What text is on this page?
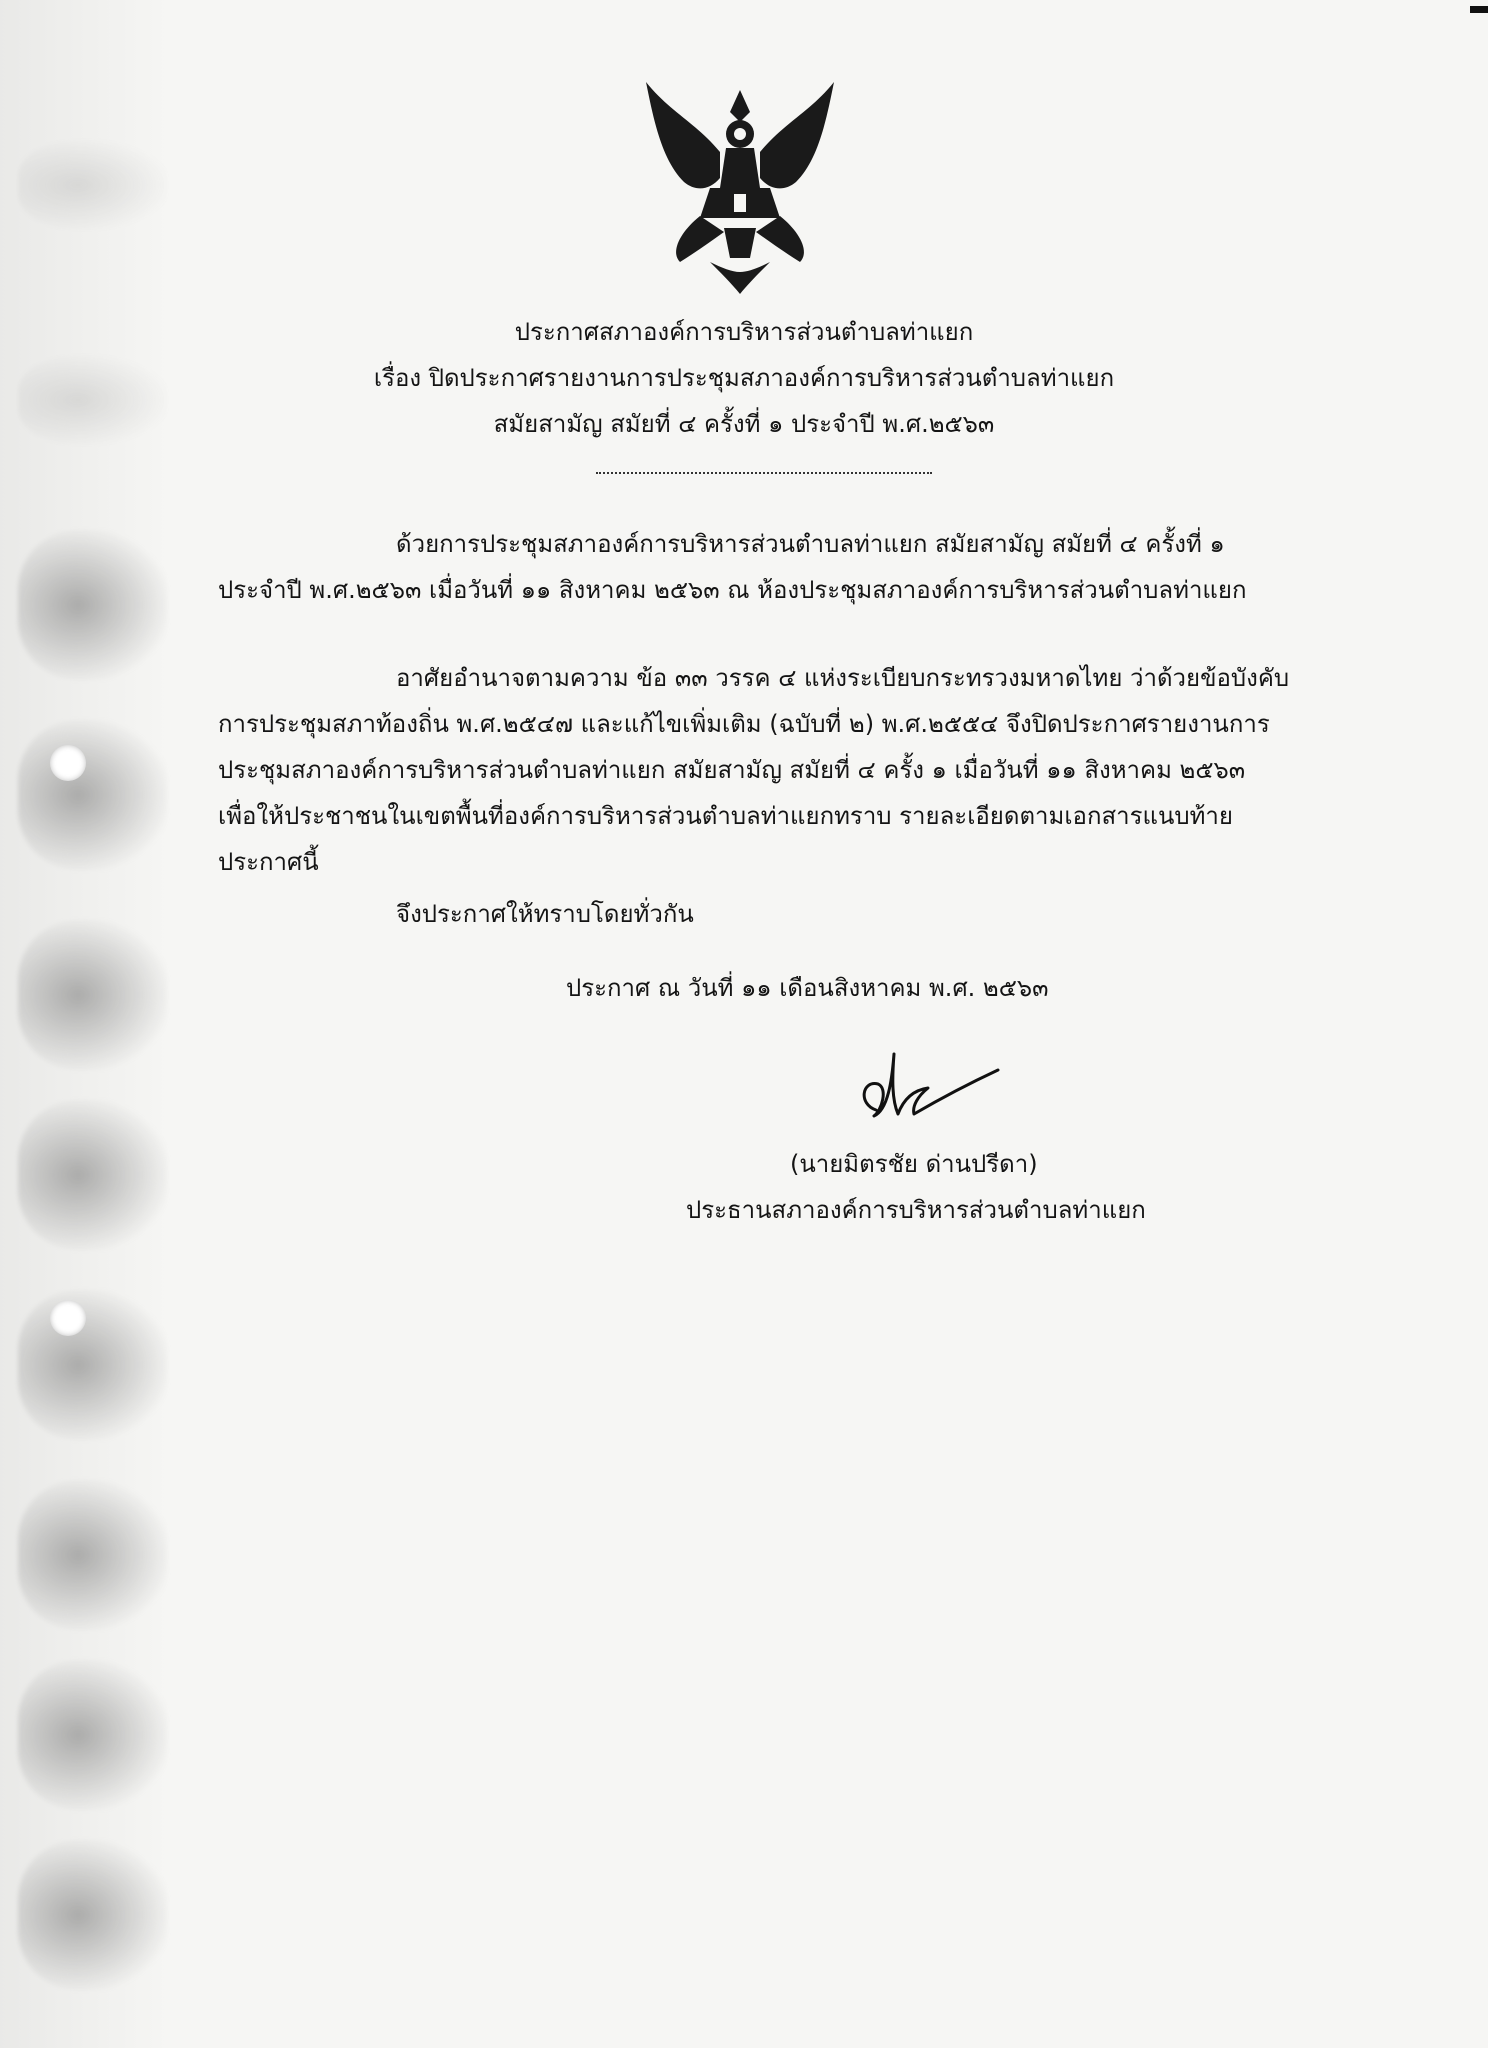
ประกาศสภาองค์การบริหารส่วนตำบลท่าแยก
เรื่อง ปิดประกาศรายงานการประชุมสภาองค์การบริหารส่วนตำบลท่าแยก
สมัยสามัญ สมัยที่ ๔ ครั้งที่ ๑ ประจำปี พ.ศ.๒๕๖๓
ด้วยการประชุมสภาองค์การบริหารส่วนตำบลท่าแยก สมัยสามัญ สมัยที่ ๔ ครั้งที่ ๑
ประจำปี พ.ศ.๒๕๖๓ เมื่อวันที่ ๑๑ สิงหาคม ๒๕๖๓ ณ ห้องประชุมสภาองค์การบริหารส่วนตำบลท่าแยก
อาศัยอำนาจตามความ ข้อ ๓๓ วรรค ๔ แห่งระเบียบกระทรวงมหาดไทย ว่าด้วยข้อบังคับ
การประชุมสภาท้องถิ่น พ.ศ.๒๕๔๗ และแก้ไขเพิ่มเติม (ฉบับที่ ๒) พ.ศ.๒๕๕๔ จึงปิดประกาศรายงานการ
ประชุมสภาองค์การบริหารส่วนตำบลท่าแยก สมัยสามัญ สมัยที่ ๔ ครั้ง ๑ เมื่อวันที่ ๑๑ สิงหาคม ๒๕๖๓
เพื่อให้ประชาชนในเขตพื้นที่องค์การบริหารส่วนตำบลท่าแยกทราบ รายละเอียดตามเอกสารแนบท้าย
ประกาศนี้
จึงประกาศให้ทราบโดยทั่วกัน
ประกาศ ณ วันที่ ๑๑ เดือนสิงหาคม พ.ศ. ๒๕๖๓
(นายมิตรชัย ด่านปรีดา)
ประธานสภาองค์การบริหารส่วนตำบลท่าแยก
